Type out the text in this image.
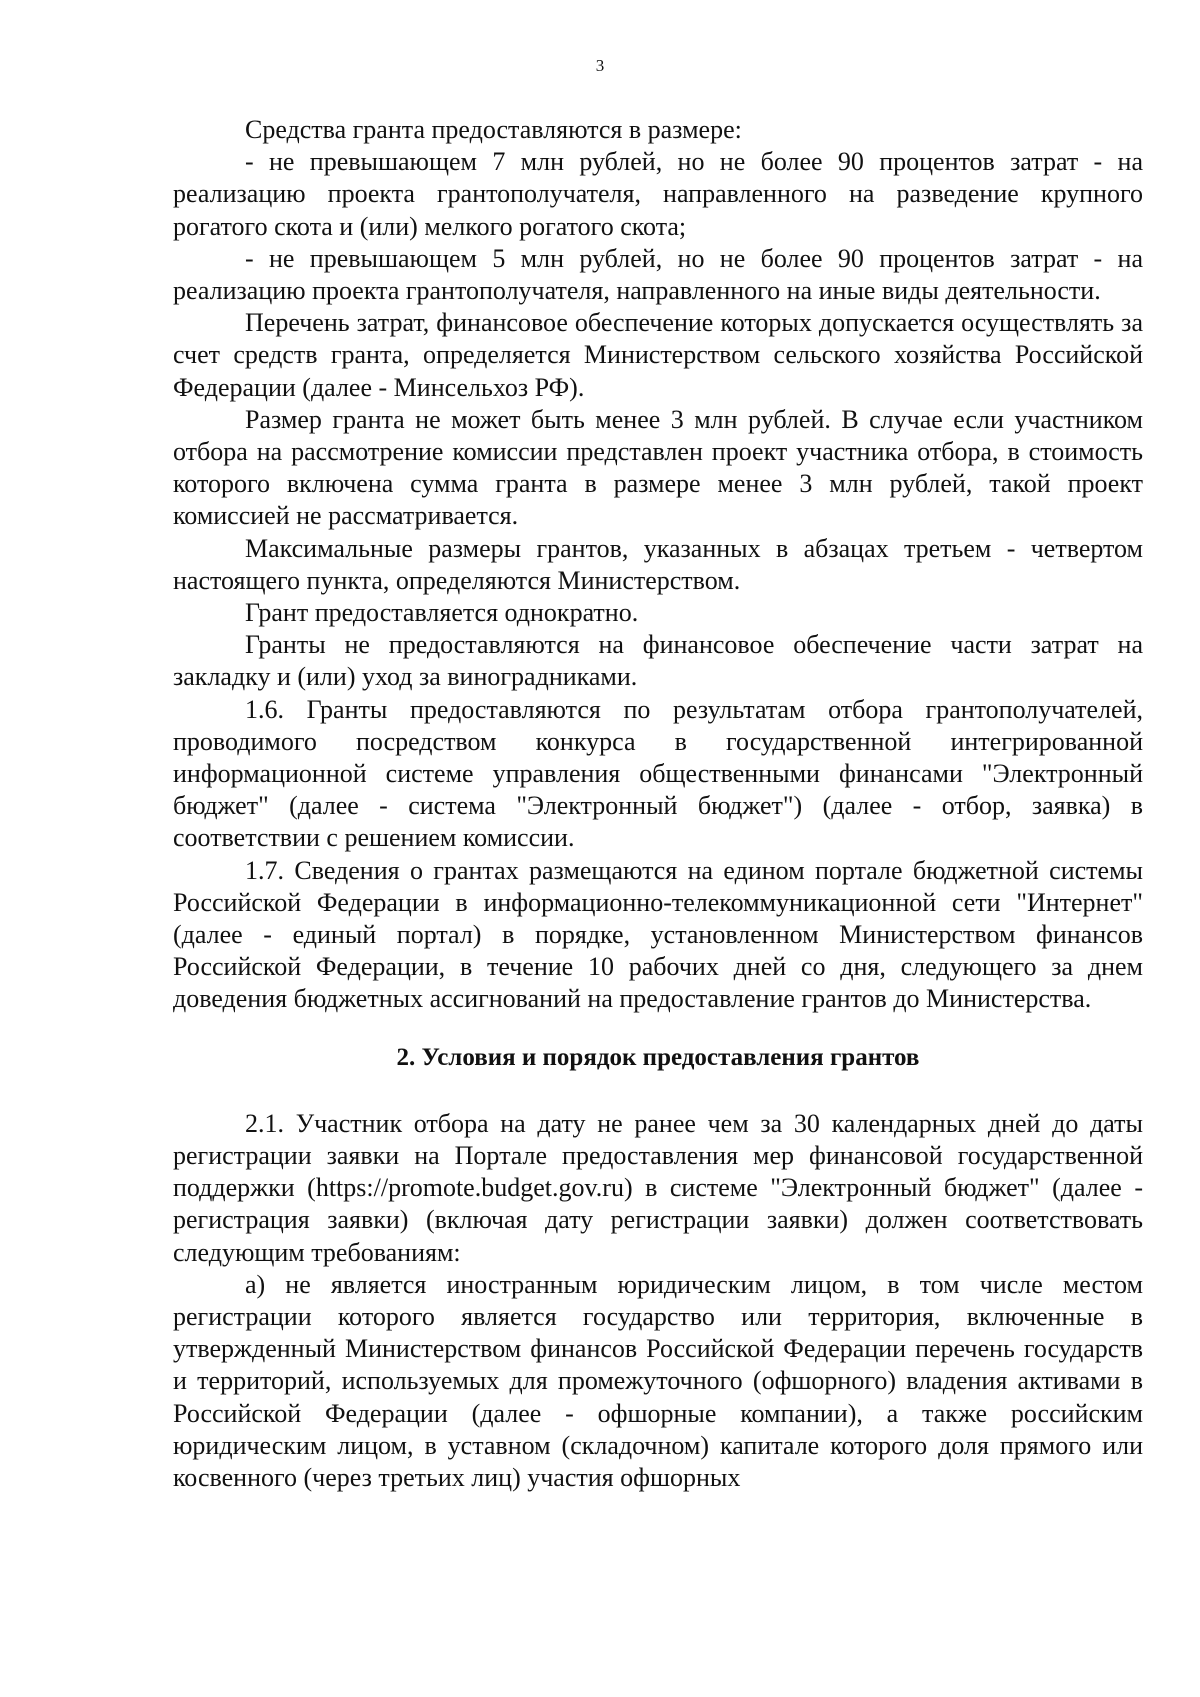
3

Средства гранта предоставляются в размере:

- не превышающем 7 млн рублей, но не более 90 процентов затрат - на реализацию проекта грантополучателя, направленного на разведение крупного рогатого скота и (или) мелкого рогатого скота;

- не превышающем 5 млн рублей, но не более 90 процентов затрат - на реализацию проекта грантополучателя, направленного на иные виды деятельности.

Перечень затрат, финансовое обеспечение которых допускается осуществлять за счет средств гранта, определяется Министерством сельского хозяйства Российской Федерации (далее - Минсельхоз РФ).

Размер гранта не может быть менее 3 млн рублей. В случае если участником отбора на рассмотрение комиссии представлен проект участника отбора, в стоимость которого включена сумма гранта в размере менее 3 млн рублей, такой проект комиссией не рассматривается.

Максимальные размеры грантов, указанных в абзацах третьем - четвертом настоящего пункта, определяются Министерством.

Грант предоставляется однократно.

Гранты не предоставляются на финансовое обеспечение части затрат на закладку и (или) уход за виноградниками.

1.6. Гранты предоставляются по результатам отбора грантополучателей, проводимого посредством конкурса в государственной интегрированной информационной системе управления общественными финансами "Электронный бюджет" (далее - система "Электронный бюджет") (далее - отбор, заявка) в соответствии с решением комиссии.

1.7. Сведения о грантах размещаются на едином портале бюджетной системы Российской Федерации в информационно-телекоммуникационной сети "Интернет" (далее - единый портал) в порядке, установленном Министерством финансов Российской Федерации, в течение 10 рабочих дней со дня, следующего за днем доведения бюджетных ассигнований на предоставление грантов до Министерства.

2. Условия и порядок предоставления грантов

2.1. Участник отбора на дату не ранее чем за 30 календарных дней до даты регистрации заявки на Портале предоставления мер финансовой государственной поддержки (https://promote.budget.gov.ru) в системе "Электронный бюджет" (далее - регистрация заявки) (включая дату регистрации заявки) должен соответствовать следующим требованиям:

а) не является иностранным юридическим лицом, в том числе местом регистрации которого является государство или территория, включенные в утвержденный Министерством финансов Российской Федерации перечень государств и территорий, используемых для промежуточного (офшорного) владения активами в Российской Федерации (далее - офшорные компании), а также российским юридическим лицом, в уставном (складочном) капитале которого доля прямого или косвенного (через третьих лиц) участия офшорных
